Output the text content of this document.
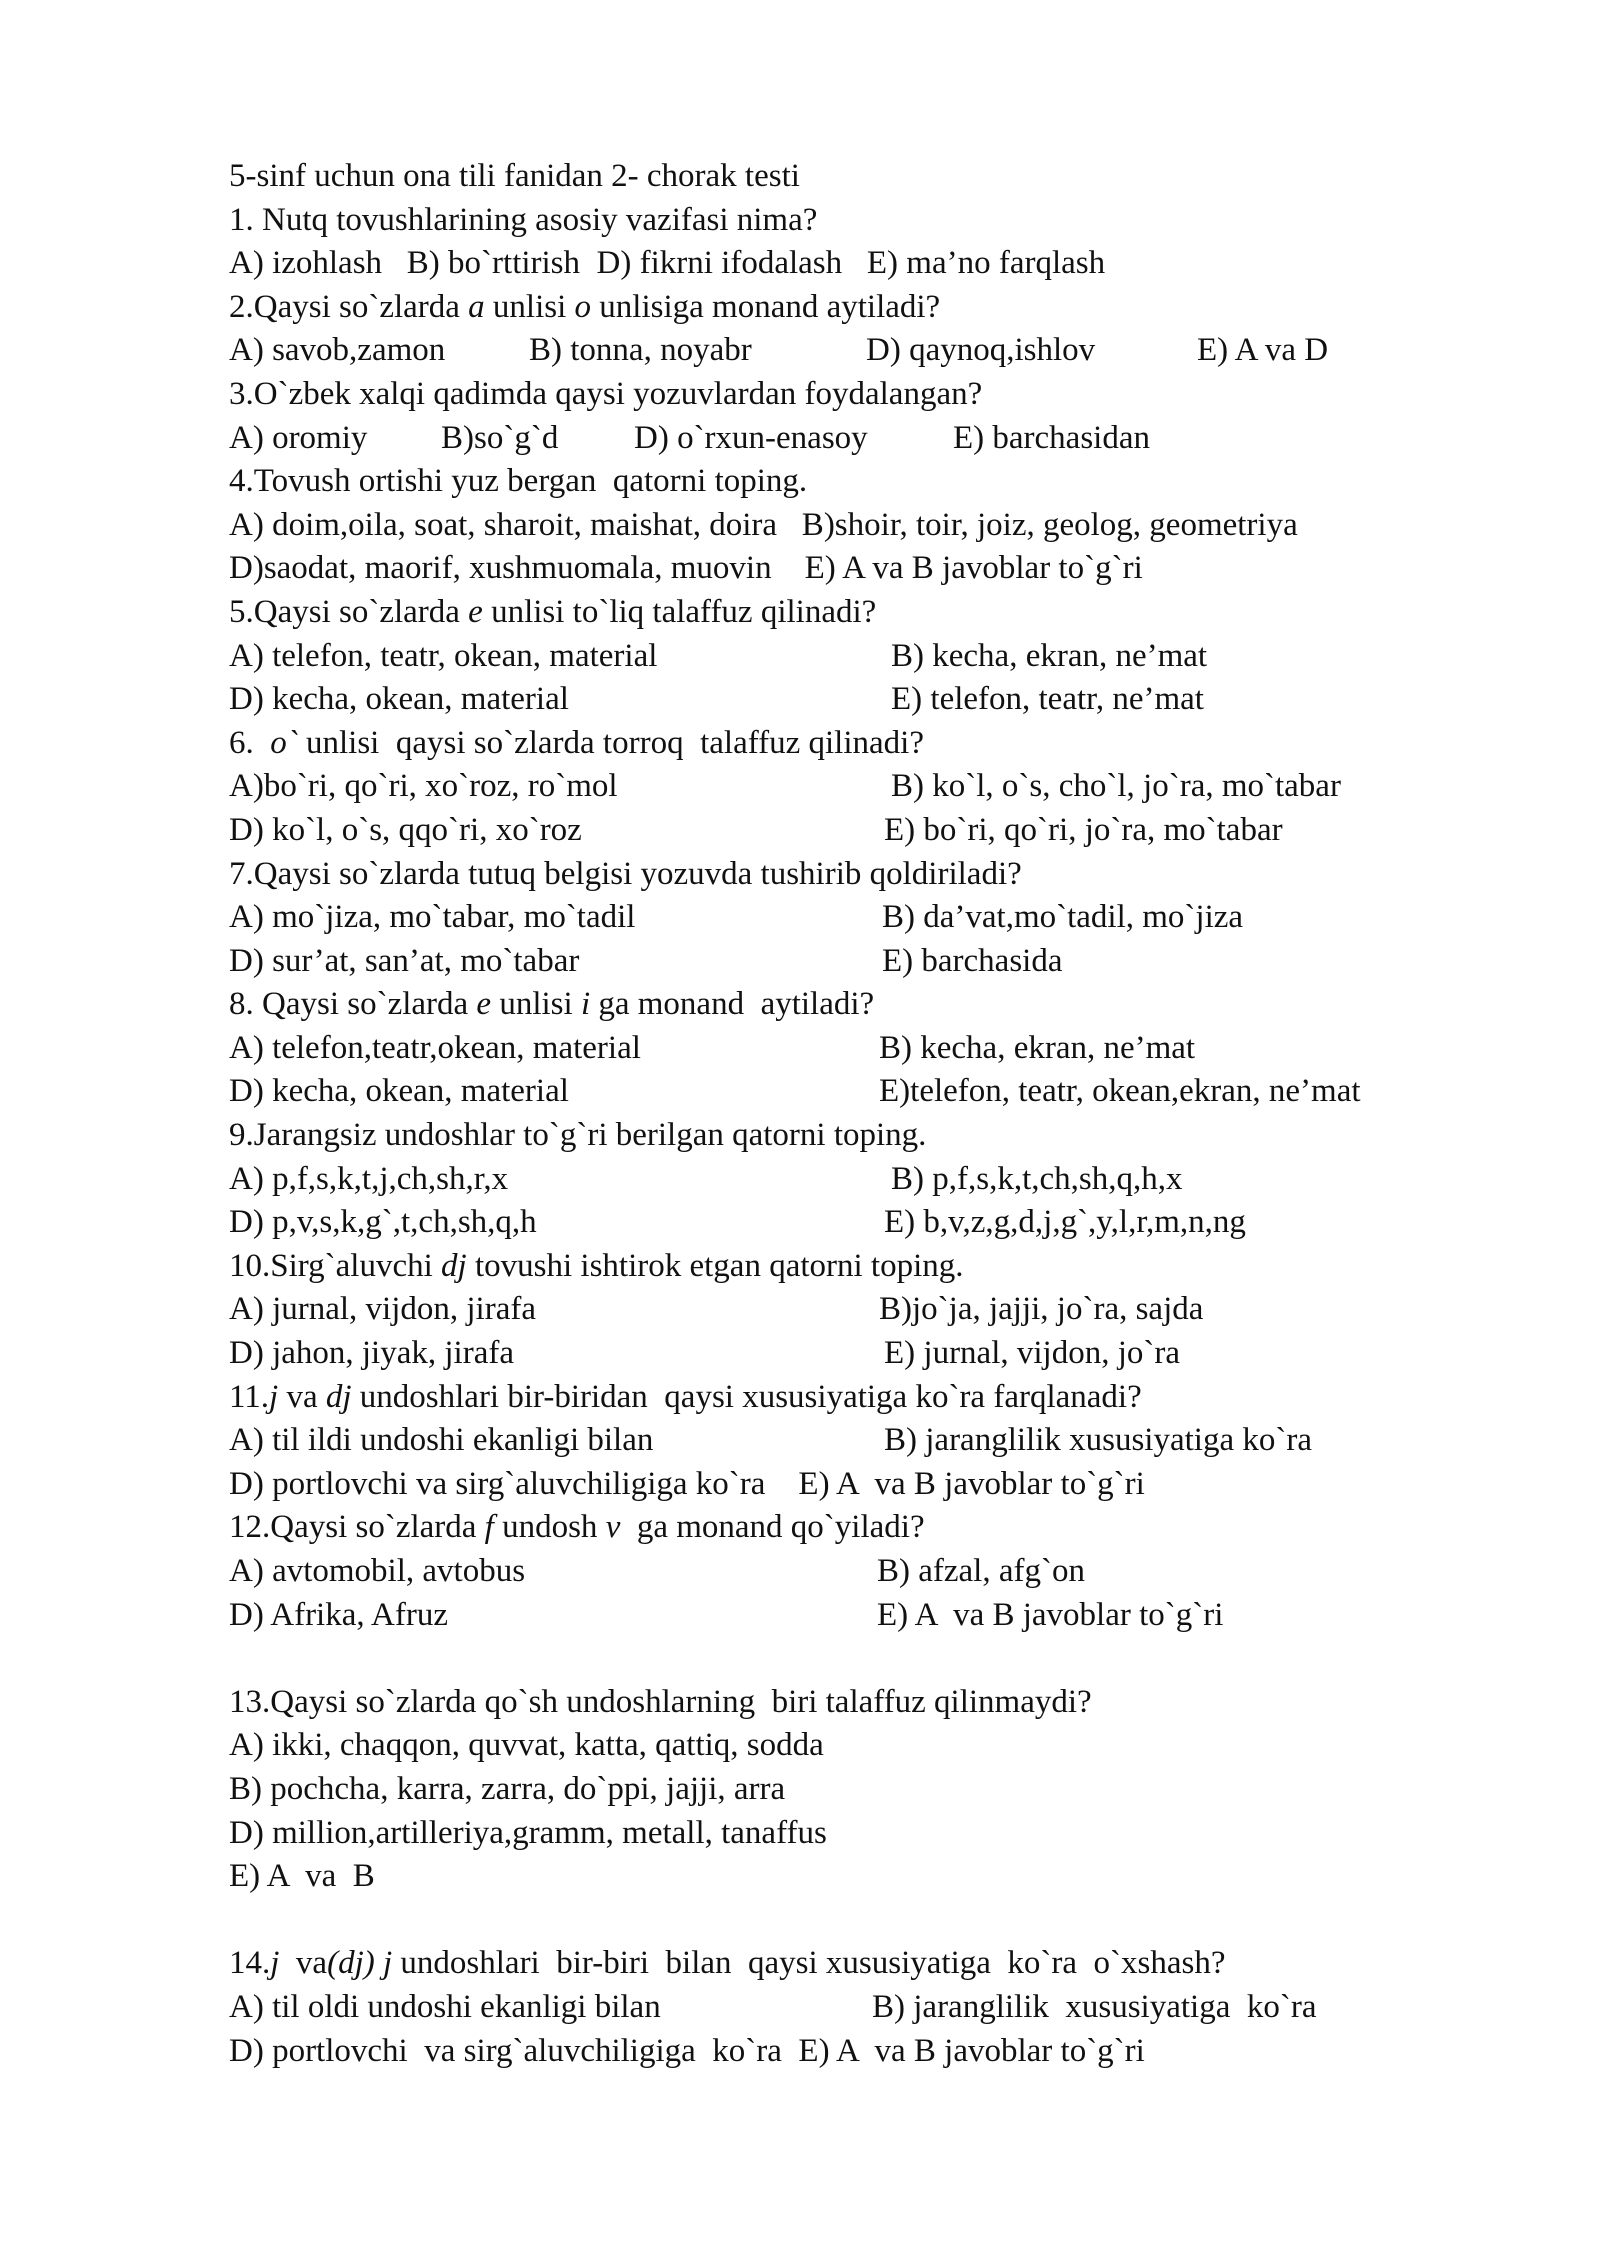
5-sinf uchun ona tili fanidan 2- chorak testi
1. Nutq tovushlarining asosiy vazifasi nima?
A) izohlash   B) bo`rttirish  D) fikrni ifodalash   E) ma’no farqlash
2.Qaysi so`zlarda a unlisi o unlisiga monand aytiladi?

A) savob,zamon

	B) tonna, noyabr

	D) qaynoq,ishlov

	E) A va D

3.O`zbek xalqi qadimda qaysi yozuvlardan foydalangan?

A) oromiy

B)so`g`d

D) o`rxun-enasoy

	E) barchasidan

4.Tovush ortishi yuz bergan  qatorni toping.
A) doim,oila, soat, sharoit, maishat, doira   B)shoir, toir, joiz, geolog, geometriya
D)saodat, maorif, xushmuomala, muovin    E) A va B javoblar to`g`ri
5.Qaysi so`zlarda e unlisi to`liq talaffuz qilinadi?

A) telefon, teatr, okean, material

	B) kecha, ekran, ne’mat

D) kecha, okean, material

	E) telefon, teatr, ne’mat

6.  o` unlisi  qaysi so`zlarda torroq  talaffuz qilinadi?

A)bo`ri, qo`ri, xo`roz, ro`mol

	B) ko`l, o`s, cho`l, jo`ra, mo`tabar

D) ko`l, o`s, qqo`ri, xo`roz

	E) bo`ri, qo`ri, jo`ra, mo`tabar

7.Qaysi so`zlarda tutuq belgisi yozuvda tushirib qoldiriladi?

A) mo`jiza, mo`tabar, mo`tadil

	B) da’vat,mo`tadil, mo`jiza

D) sur’at, san’at, mo`tabar

	E) barchasida

8. Qaysi so`zlarda e unlisi i ga monand  aytiladi?

A) telefon,teatr,okean, material

	B) kecha, ekran, ne’mat

D) kecha, okean, material

	E)telefon, teatr, okean,ekran, ne’mat

9.Jarangsiz undoshlar to`g`ri berilgan qatorni toping.

A) p,f,s,k,t,j,ch,sh,r,x

	B) p,f,s,k,t,ch,sh,q,h,x

D) p,v,s,k,g`,t,ch,sh,q,h

	E) b,v,z,g,d,j,g`,y,l,r,m,n,ng

10.Sirg`aluvchi dj tovushi ishtirok etgan qatorni toping.

A) jurnal, vijdon, jirafa

	B)jo`ja, jajji, jo`ra, sajda

D) jahon, jiyak, jirafa

	E) jurnal, vijdon, jo`ra

11.j va dj undoshlari bir-biridan  qaysi xususiyatiga ko`ra farqlanadi?

A) til ildi undoshi ekanligi bilan

	B) jaranglilik xususiyatiga ko`ra

D) portlovchi va sirg`aluvchiligiga ko`ra    E) A  va B javoblar to`g`ri
12.Qaysi so`zlarda f undosh v  ga monand qo`yiladi?

A) avtomobil, avtobus

	B) afzal, afg`on

D) Afrika, Afruz

	E) A  va B javoblar to`g`ri

13.Qaysi so`zlarda qo`sh undoshlarning  biri talaffuz qilinmaydi?
A) ikki, chaqqon, quvvat, katta, qattiq, sodda
B) pochcha, karra, zarra, do`ppi, jajji, arra
D) million,artilleriya,gramm, metall, tanaffus
E) A  va  B
14.j  va(dj) j undoshlari  bir-biri  bilan  qaysi xususiyatiga  ko`ra  o`xshash?

A) til oldi undoshi ekanligi bilan

	B) jaranglilik  xususiyatiga  ko`ra

D) portlovchi  va sirg`aluvchiligiga  ko`ra  E) A  va B javoblar to`g`ri
